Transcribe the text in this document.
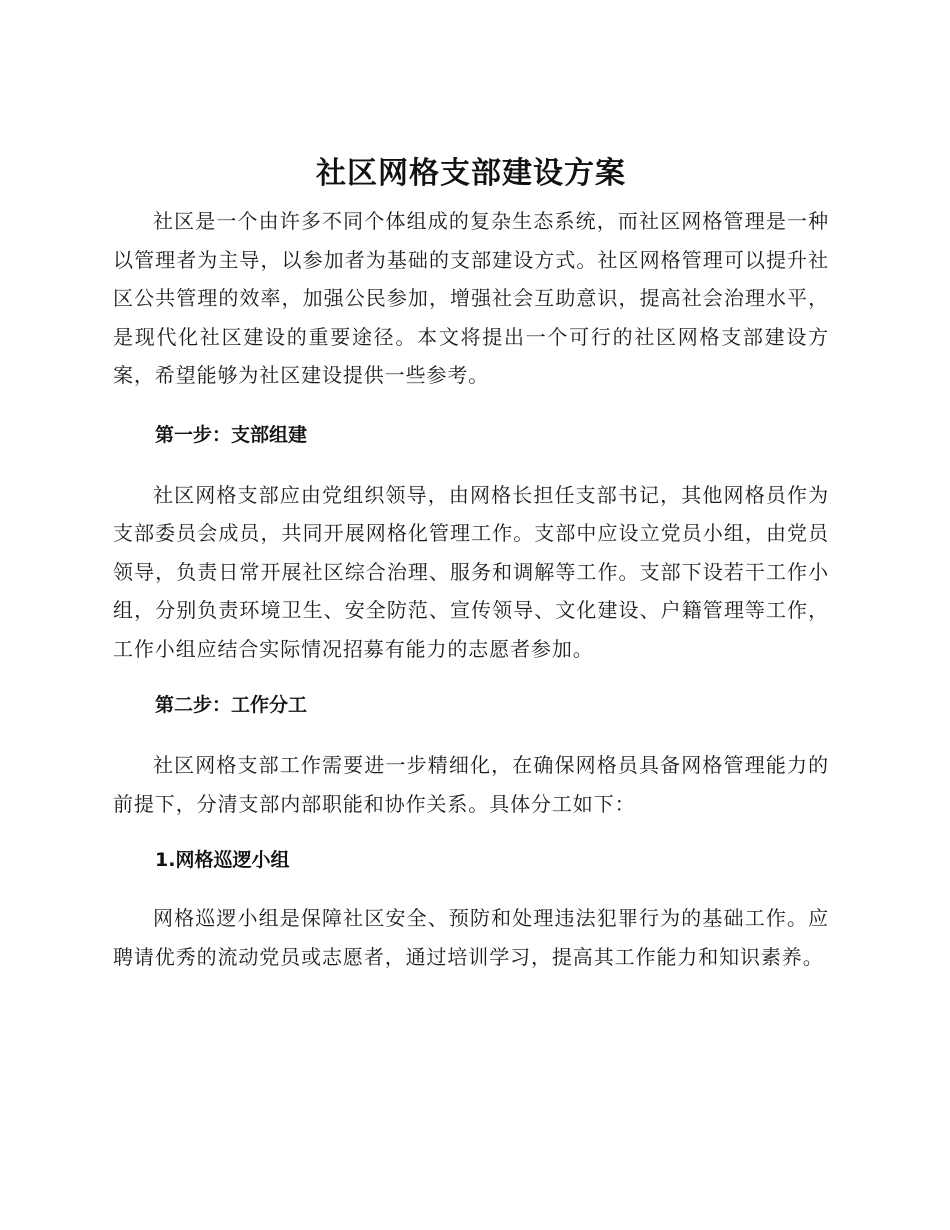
社区网格支部建设方案

社区是一个由许多不同个体组成的复杂生态系统，而社区网格管理是一种以管理者为主导，以参加者为基础的支部建设方式。社区网格管理可以提升社区公共管理的效率，加强公民参加，增强社会互助意识，提高社会治理水平，是现代化社区建设的重要途径。本文将提出一个可行的社区网格支部建设方案，希望能够为社区建设提供一些参考。

第一步：支部组建

社区网格支部应由党组织领导，由网格长担任支部书记，其他网格员作为支部委员会成员，共同开展网格化管理工作。支部中应设立党员小组，由党员领导，负责日常开展社区综合治理、服务和调解等工作。支部下设若干工作小组，分别负责环境卫生、安全防范、宣传领导、文化建设、户籍管理等工作，工作小组应结合实际情况招募有能力的志愿者参加。

第二步：工作分工

社区网格支部工作需要进一步精细化，在确保网格员具备网格管理能力的前提下，分清支部内部职能和协作关系。具体分工如下：

1.网格巡逻小组

网格巡逻小组是保障社区安全、预防和处理违法犯罪行为的基础工作。应聘请优秀的流动党员或志愿者，通过培训学习，提高其工作能力和知识素养。
